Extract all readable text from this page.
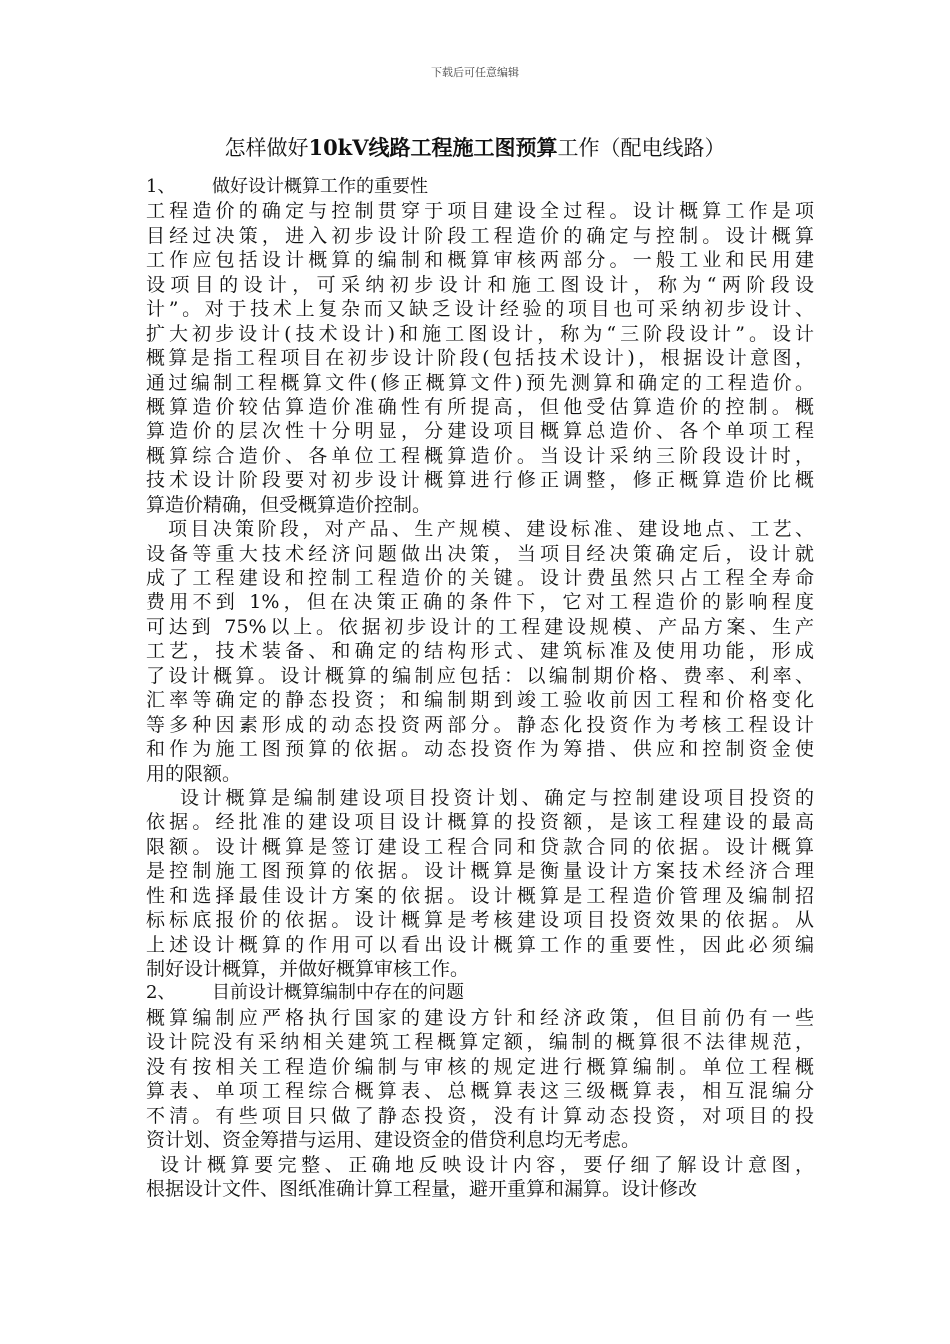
下载后可任意编辑
怎样做好10kV线路工程施工图预算工作（配电线路）
1、 做好设计概算工作的重要性
工程造价的确定与控制贯穿于项目建设全过程。设计概算工作是项
目经过决策，进入初步设计阶段工程造价的确定与控制。设计概算
工作应包括设计概算的编制和概算审核两部分。一般工业和民用建
设项目的设计，可采纳初步设计和施工图设计，称为“两阶段设
计”。对于技术上复杂而又缺乏设计经验的项目也可采纳初步设计、
扩大初步设计(技术设计)和施工图设计，称为“三阶段设计”。设计
概算是指工程项目在初步设计阶段(包括技术设计)，根据设计意图，
通过编制工程概算文件(修正概算文件)预先测算和确定的工程造价。
概算造价较估算造价准确性有所提高，但他受估算造价的控制。概
算造价的层次性十分明显，分建设项目概算总造价、各个单项工程
概算综合造价、各单位工程概算造价。当设计采纳三阶段设计时，
技术设计阶段要对初步设计概算进行修正调整，修正概算造价比概
算造价精确，但受概算造价控制。
项目决策阶段，对产品、生产规模、建设标准、建设地点、工艺、
设备等重大技术经济问题做出决策，当项目经决策确定后，设计就
成了工程建设和控制工程造价的关键。设计费虽然只占工程全寿命
费用不到 1%，但在决策正确的条件下，它对工程造价的影响程度
可达到 75%以上。依据初步设计的工程建设规模、产品方案、生产
工艺，技术装备、和确定的结构形式、建筑标准及使用功能，形成
了设计概算。设计概算的编制应包括：以编制期价格、费率、利率、
汇率等确定的静态投资；和编制期到竣工验收前因工程和价格变化
等多种因素形成的动态投资两部分。静态化投资作为考核工程设计
和作为施工图预算的依据。动态投资作为筹措、供应和控制资金使
用的限额。
设计概算是编制建设项目投资计划、确定与控制建设项目投资的
依据。经批准的建设项目设计概算的投资额，是该工程建设的最高
限额。设计概算是签订建设工程合同和贷款合同的依据。设计概算
是控制施工图预算的依据。设计概算是衡量设计方案技术经济合理
性和选择最佳设计方案的依据。设计概算是工程造价管理及编制招
标标底报价的依据。设计概算是考核建设项目投资效果的依据。从
上述设计概算的作用可以看出设计概算工作的重要性，因此必须编
制好设计概算，并做好概算审核工作。
2、 目前设计概算编制中存在的问题
概算编制应严格执行国家的建设方针和经济政策，但目前仍有一些
设计院没有采纳相关建筑工程概算定额，编制的概算很不法律规范，
没有按相关工程造价编制与审核的规定进行概算编制。单位工程概
算表、单项工程综合概算表、总概算表这三级概算表，相互混编分
不清。有些项目只做了静态投资，没有计算动态投资，对项目的投
资计划、资金筹措与运用、建设资金的借贷利息均无考虑。
设计概算要完整、正确地反映设计内容，要仔细了解设计意图，
根据设计文件、图纸准确计算工程量，避开重算和漏算。设计修改
